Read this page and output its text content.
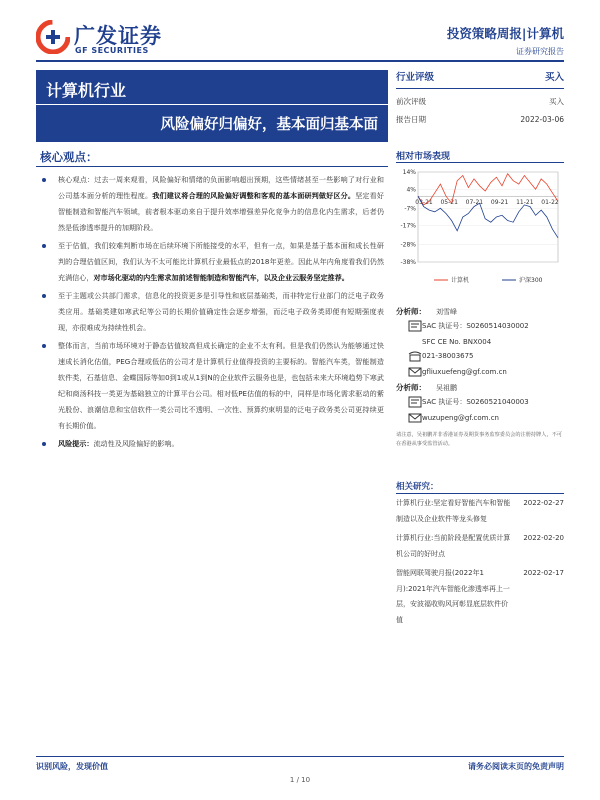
广发证券
GF SECURITIES
投资策略周报|计算机
证券研究报告
计算机行业
风险偏好归偏好，基本面归基本面
行业评级	买入
前次评级	买入
报告日期	2022-03-06
核心观点：
核心观点：过去一周来观看，风险偏好和情绪的负面影响超出预期，这些情绪甚至一些影响了对行业和公司基本面分析的理性程度。我们建议将合理的风险偏好调整和客观的基本面研判做好区分。坚定看好智能制造和智能汽车领域，前者根本驱动来自于提升效率增强差异化竞争力的信息化内生需求，后者仍然是低渗透率提升的加期阶段。
至于估值，我们较难判断市场在后续环境下所能接受的水平，但有一点，如果是基于基本面和成长性研判的合理估值区间，我们认为不太可能比计算机行业最低点的2018年更差。因此从年内角度看我们仍然充满信心，对市场化驱动的内生需求加前述智能制造和智能汽车，以及企业云服务坚定推荐。
至于主题或公共部门需求，信息化的投资更多是引导性和底层基础类，而非特定行业部门的泛电子政务类应用。基础类建如寒武纪等公司的长期价值确定性会逐步增强，而泛电子政务类即便有短期强度表现，亦很难成为持续性机会。
整体而言，当前市场环境对于静态估值较高但成长确定的企业不太有利。但是我们仍然认为能够通过快速成长消化估值，PEG合理或低估的公司才是计算机行业值得投资的主要标的。智能汽车类，智能制造软件类，石基信息、金蝶国际等如0到1或从1到N的企业软件云服务也是，也包括未来大环境趋势下寒武纪和商汤科技一类更为基础独立的计算平台公司。相对低PE估值的标的中，同样是市场化需求驱动的紫光股份、浪潮信息和宝信软件一类公司比不透明、一次性、预算约束明显的泛电子政务类公司更持续更有长期价值。
风险提示：流动性及风险偏好的影响。
相对市场表现
14%
4%
-7%
-17%
-28%
-38%
03-21 05-21 07-21 09-21 11-21 01-22
计算机	沪深300
分析师： 刘雪峰
SAC 执证号：S0260514030002
SFC CE No. BNX004
021-38003675
gfliuxuefeng@gf.com.cn
分析师： 吴祖鹏
SAC 执证号：S0260521040003
wuzupeng@gf.com.cn
请注意，吴祖鹏并非香港证券及期货事务监察委员会的注册持牌人，不可在香港从事受监管活动。
相关研究：
计算机行业:坚定看好智能汽车和智能制造以及企业软件等龙头修复
2022-02-27
计算机行业:当前阶段是配置优质计算机公司的好时点
2022-02-20
智能网联驾驶月报(2022年1月):2021年汽车智能化渗透率再上一层，安波福收购风河彰显底层软件价值
2022-02-17
识别风险，发现价值	请务必阅读末页的免责声明
1 / 10
